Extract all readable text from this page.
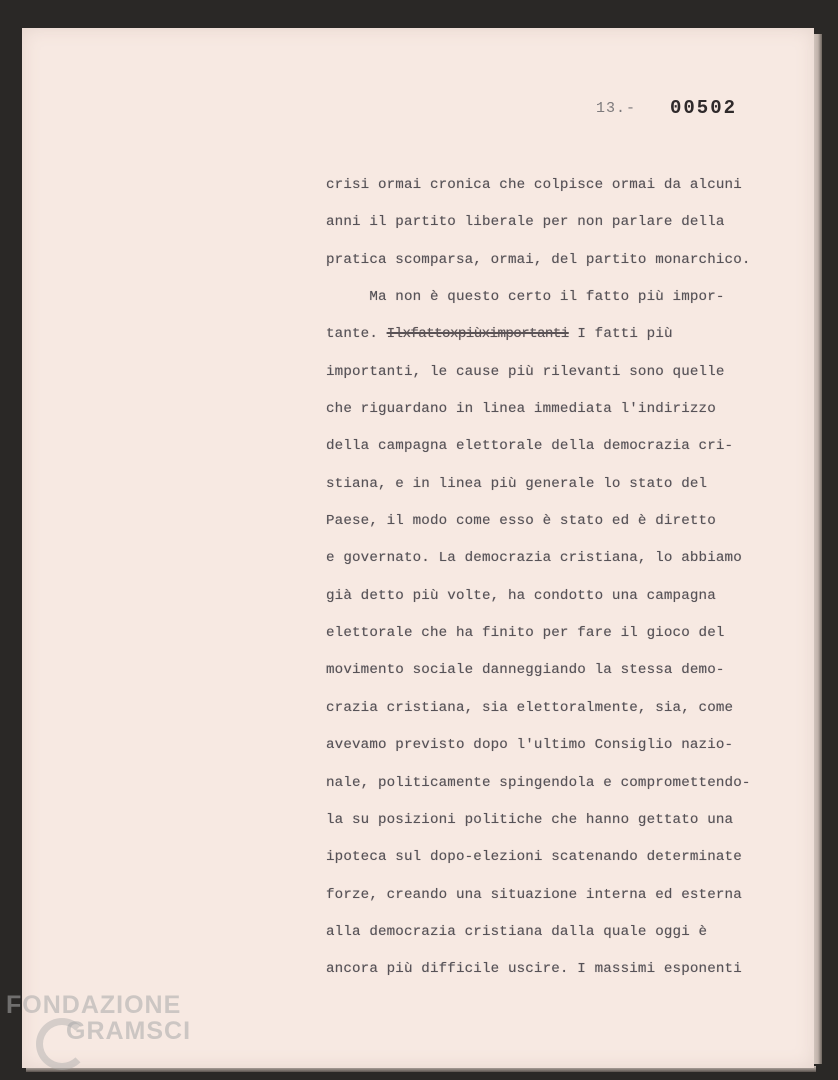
13.- 00502
crisi ormai cronica che colpisce ormai da alcuni
anni il partito liberale per non parlare della
pratica scomparsa, ormai, del partito monarchico.
Ma non è questo certo il fatto più impor-
tante. Ilxfattoxpiùximportanti I fatti più
importanti, le cause più rilevanti sono quelle
che riguardano in linea immediata l'indirizzo
della campagna elettorale della democrazia cri-
stiana, e in linea più generale lo stato del
Paese, il modo come esso è stato ed è diretto
e governato. La democrazia cristiana, lo abbiamo
già detto più volte, ha condotto una campagna
elettorale che ha finito per fare il gioco del
movimento sociale danneggiando la stessa demo-
crazia cristiana, sia elettoralmente, sia, come
avevamo previsto dopo l'ultimo Consiglio nazio-
nale, politicamente spingendola e compromettendo-
la su posizioni politiche che hanno gettato una
ipoteca sul dopo-elezioni scatenando determinate
forze, creando una situazione interna ed esterna
alla democrazia cristiana dalla quale oggi è
ancora più difficile uscire. I massimi esponenti
FONDAZIONE
GRAMSCI
